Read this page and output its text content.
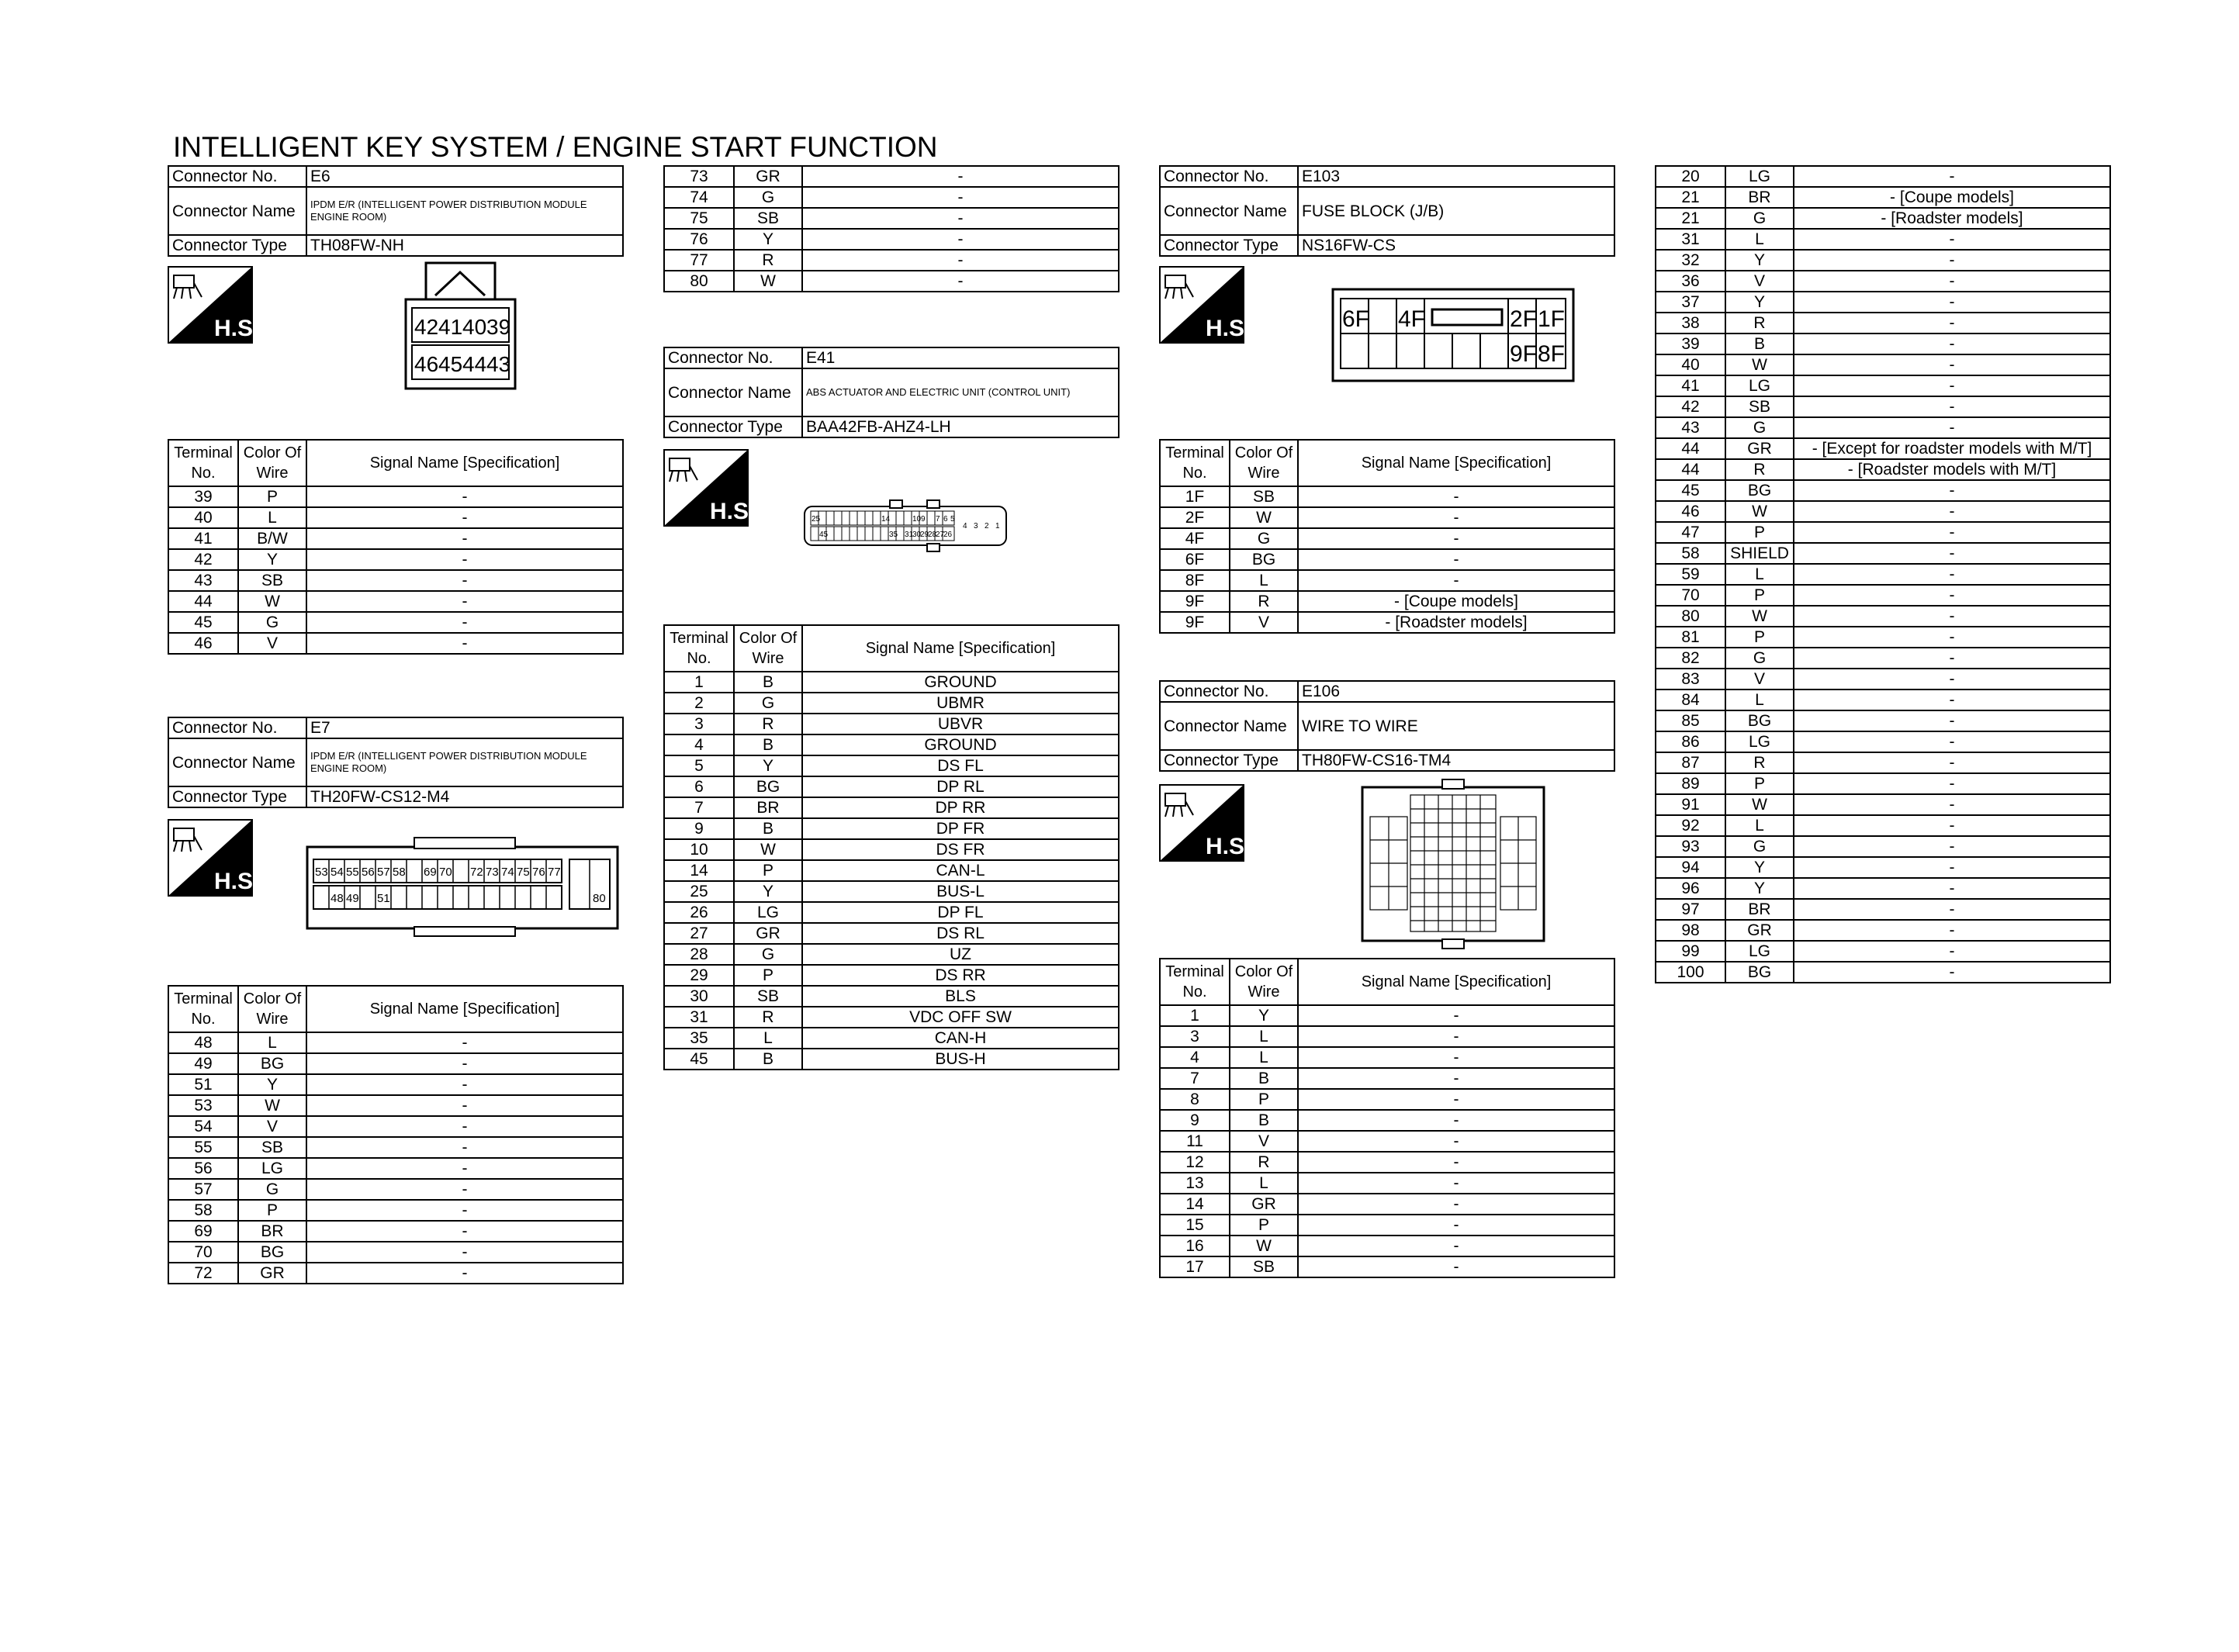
INTELLIGENT KEY SYSTEM / ENGINE START FUNCTION
Connector No.	E6
Connector Name	IPDM E/R (INTELLIGENT POWER DISTRIBUTION MODULE ENGINE ROOM)
Connector Type	TH08FW-NH
H.S.	42 41 40 39
46 45 44 43
Terminal No.	Color Of Wire	Signal Name [Specification]
39	P	-
40	L	-
41	B/W	-
42	Y	-
43	SB	-
44	W	-
45	G	-
46	V	-
Connector No.	E7
Connector Name	IPDM E/R (INTELLIGENT POWER DISTRIBUTION MODULE ENGINE ROOM)
Connector Type	TH20FW-CS12-M4
H.S.	53 54 55 56 57 58 69 70 72 73 74 75 76 77
48 49 51	80
Terminal No.	Color Of Wire	Signal Name [Specification]
48	L	-
49	BG	-
51	Y	-
53	W	-
54	V	-
55	SB	-
56	LG	-
57	G	-
58	P	-
69	BR	-
70	BG	-
72	GR	-
73	GR	-
74	G	-
75	SB	-
76	Y	-
77	R	-
80	W	-
Connector No.	E41
Connector Name	ABS ACTUATOR AND ELECTRIC UNIT (CONTROL UNIT)
Connector Type	BAA42FB-AHZ4-LH
H.S.	25	14	10 9 7 6 5
4 3 2 1
45	35 31
30
29
28
27
26
Terminal No.	Color Of Wire	Signal Name [Specification]
1	B	GROUND
2	G	UBMR
3	R	UBVR
4	B	GROUND
5	Y	DS FL
6	BG	DP RL
7	BR	DP RR
9	B	DP FR
10	W	DS FR
14	P	CAN-L
25	Y	BUS-L
26	LG	DP FL
27	GR	DS RL
28	G	UZ
29	P	DS RR
30	SB	BLS
31	R	VDC OFF SW
35	L	CAN-H
45	B	BUS-H
Connector No.	E103
Connector Name	FUSE BLOCK (J/B)
Connector Type	NS16FW-CS
H.S.	6F 4F	2F 1F
9F 8F
Terminal No.	Color Of Wire	Signal Name [Specification]
1F	SB	-
2F	W	-
4F	G	-
6F	BG	-
8F	L	-
9F	R	- [Coupe models]
9F	V	- [Roadster models]
Connector No.	E106
Connector Name	WIRE TO WIRE
Connector Type	TH80FW-CS16-TM4
H.S.
Terminal No.	Color Of Wire	Signal Name [Specification]
1	Y	-
3	L	-
4	L	-
7	B	-
8	P	-
9	B	-
11	V	-
12	R	-
13	L	-
14	GR	-
15	P	-
16	W	-
17	SB	-
20	LG	-
21	BR	- [Coupe models]
21	G	- [Roadster models]
31	L	-
32	Y	-
36	V	-
37	Y	-
38	R	-
39	B	-
40	W	-
41	LG	-
42	SB	-
43	G	-
44	GR	- [Except for roadster models with M/T]
44	R	- [Roadster models with M/T]
45	BG	-
46	W	-
47	P	-
58	SHIELD	-
59	L	-
70	P	-
80	W	-
81	P	-
82	G	-
83	V	-
84	L	-
85	BG	-
86	LG	-
87	R	-
89	P	-
91	W	-
92	L	-
93	G	-
94	Y	-
96	Y	-
97	BR	-
98	GR	-
99	LG	-
100	BG	-
